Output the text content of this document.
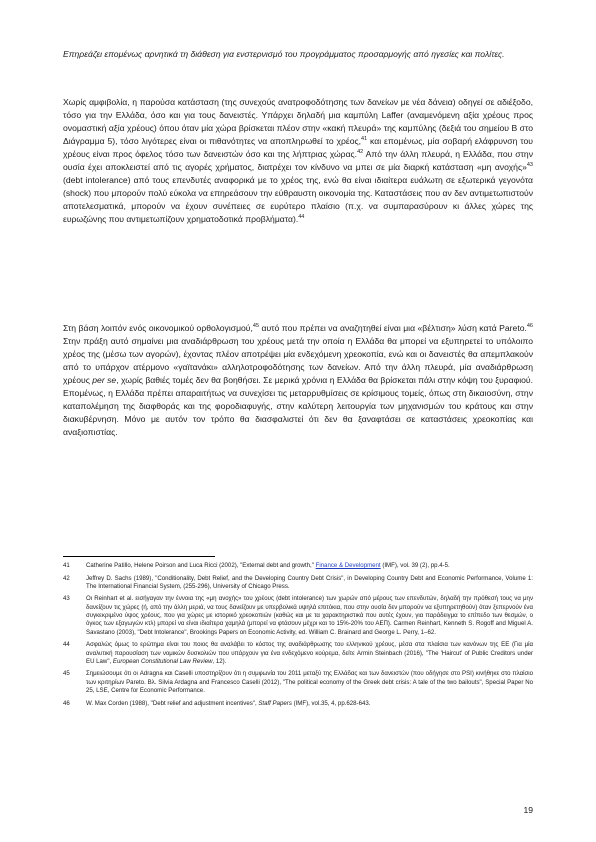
Επηρεάζει επομένως αρνητικά τη διάθεση για ενστερνισμό του προγράμματος προσαρμογής από ηγεσίες και πολίτες.

Χωρίς αμφιβολία, η παρούσα κατάσταση (της συνεχούς ανατροφοδότησης των δανείων με νέα δάνεια) οδηγεί σε αδιέξοδο, τόσο για την Ελλάδα, όσο και για τους δανειστές. Υπάρχει δηλαδή μια καμπύλη Laffer (αναμενόμενη αξία χρέους προς ονομαστική αξία χρέους) όπου όταν μία χώρα βρίσκεται πλέον στην «κακή πλευρά» της καμπύλης (δεξιά του σημείου Β στο Διάγραμμα 5), τόσο λιγότερες είναι οι πιθανότητες να αποπληρωθεί το χρέος,$^{41}$ και επομένως, μία σοβαρή ελάφρυνση του χρέους είναι προς όφελος τόσο των δανειστών όσο και της λήπτριας χώρας.$^{42}$ Από την άλλη πλευρά, η Ελλάδα, που στην ουσία έχει αποκλειστεί από τις αγορές χρήματος, διατρέχει τον κίνδυνο να μπει σε μία διαρκή κατάσταση «μη ανοχής»$^{43}$ (debt intolerance) από τους επενδυτές αναφορικά με το χρέος της, ενώ θα είναι ιδιαίτερα ευάλωτη σε εξωτερικά γεγονότα (shock) που μπορούν πολύ εύκολα να επηρεάσουν την εύθραυστη οικονομία της. Καταστάσεις που αν δεν αντιμετωπιστούν αποτελεσματικά, μπορούν να έχουν συνέπειες σε ευρύτερο πλαίσιο (π.χ. να συμπαρασύρουν κι άλλες χώρες της ευρωζώνης που αντιμετωπίζουν χρηματοδοτικά προβλήματα).$^{44}$

Στη βάση λοιπόν ενός οικονομικού ορθολογισμού,$^{45}$ αυτό που πρέπει να αναζητηθεί είναι μια «βέλτιση» λύση κατά Pareto.$^{46}$ Στην πράξη αυτό σημαίνει μια αναδιάρθρωση του χρέους μετά την οποία η Ελλάδα θα μπορεί να εξυπηρετεί το υπόλοιπο χρέος της (μέσω των αγορών), έχοντας πλέον αποτρέψει μία ενδεχόμενη χρεοκοπία, ενώ και οι δανειστές θα απεμπλακούν από το υπάρχον ατέρμονο «γαϊτανάκι» αλληλοτροφοδότησης των δανείων. Από την άλλη πλευρά, μία αναδιάρθρωση χρέους per se, χωρίς βαθιές τομές δεν θα βοηθήσει. Σε μερικά χρόνια η Ελλάδα θα βρίσκεται πάλι στην κόψη του ξυραφιού. Επομένως, η Ελλάδα πρέπει απαραιτήτως να συνεχίσει τις μεταρρυθμίσεις σε κρίσιμους τομείς, όπως στη δικαιοσύνη, στην καταπολέμηση της διαφθοράς και της φοροδιαφυγής, στην καλύτερη λειτουργία των μηχανισμών του κράτους και στην διακυβέρνηση. Μόνο με αυτόν τον τρόπο θα διασφαλιστεί ότι δεν θα ξαναφτάσει σε καταστάσεις χρεοκοπίας και αναξιοπιστίας.

41	Catherine Patillo, Helene Poirson and Luca Ricci (2002), "External debt and growth," Finance & Development (IMF), vol. 39 (2), pp.4-5.
42	Jeffrey D. Sachs (1989), "Conditionality, Debt Relief, and the Developing Country Debt Crisis", in Developing Country Debt and Economic Performance, Volume 1: The International Financial System, (255-296), University of Chicago Press.
43	Οι Reinhart et al. εισήγαγαν την έννοια της «μη ανοχής» του χρέους (debt intolerance) των χωρών από μέρους των επενδυτών, δηλαδή την πρόθεσή τους να μην δανείζουν τις χώρες (ή, από την άλλη μεριά, να τους δανείζουν με υπερβολικά υψηλά επιτόκια, που στην ουσία δεν μπορούν να εξυπηρετηθούν) όταν ξεπερνούν ένα συγκεκριμένο ύψος χρέους, που για χώρες με ιστορικό χρεοκοπιών (καθώς και με τα χαρακτηριστικά που αυτές έχουν, για παράδειγμα το επίπεδο των θεσμών, ο όγκος των εξαγωγών κτλ) μπορεί να είναι ιδιαίτερα χαμηλά (μπορεί να φτάσουν μέχρι και το 15%-20% του ΑΕΠ). Carmen Reinhart, Kenneth S. Rogoff and Miguel A. Savastano (2003), "Debt Intolerance", Brookings Papers on Economic Activity, ed. William C. Brainard and George L. Perry, 1–62.
44	Ασφαλώς όμως το ερώτημα είναι του ποιος θα αναλάβει το κόστος της αναδιάρθρωσης του ελληνικού χρέους, μέσα στα πλαίσια των κανόνων της ΕΕ (Για μία αναλυτική παρουσίαση των νομικών δυσκολιών που υπάρχουν για ένα ενδεχόμενο κούρεμα, δείτε Armin Steinbach (2016), "The 'Haircut' of Public Creditors under EU Law", European Constitutional Law Review, 12).
45	Σημειώσουμε ότι οι Adragna και Caselli υποστηρίζουν ότι η συμφωνία του 2011 μεταξύ της Ελλάδας και των δανειστών (που οδήγησε στο PSI) κινήθηκε στο πλαίσιο των κριτηρίων Pareto. Βλ. Silvia Ardagna and Francesco Caselli (2012), "The political economy of the Greek debt crisis: A tale of the two bailouts", Special Paper No 25, LSE, Centre for Economic Performance.
46	W. Max Corden (1988), "Debt relief and adjustment incentives", Staff Papers (IMF), vol.35, 4, pp.628-643.
19
